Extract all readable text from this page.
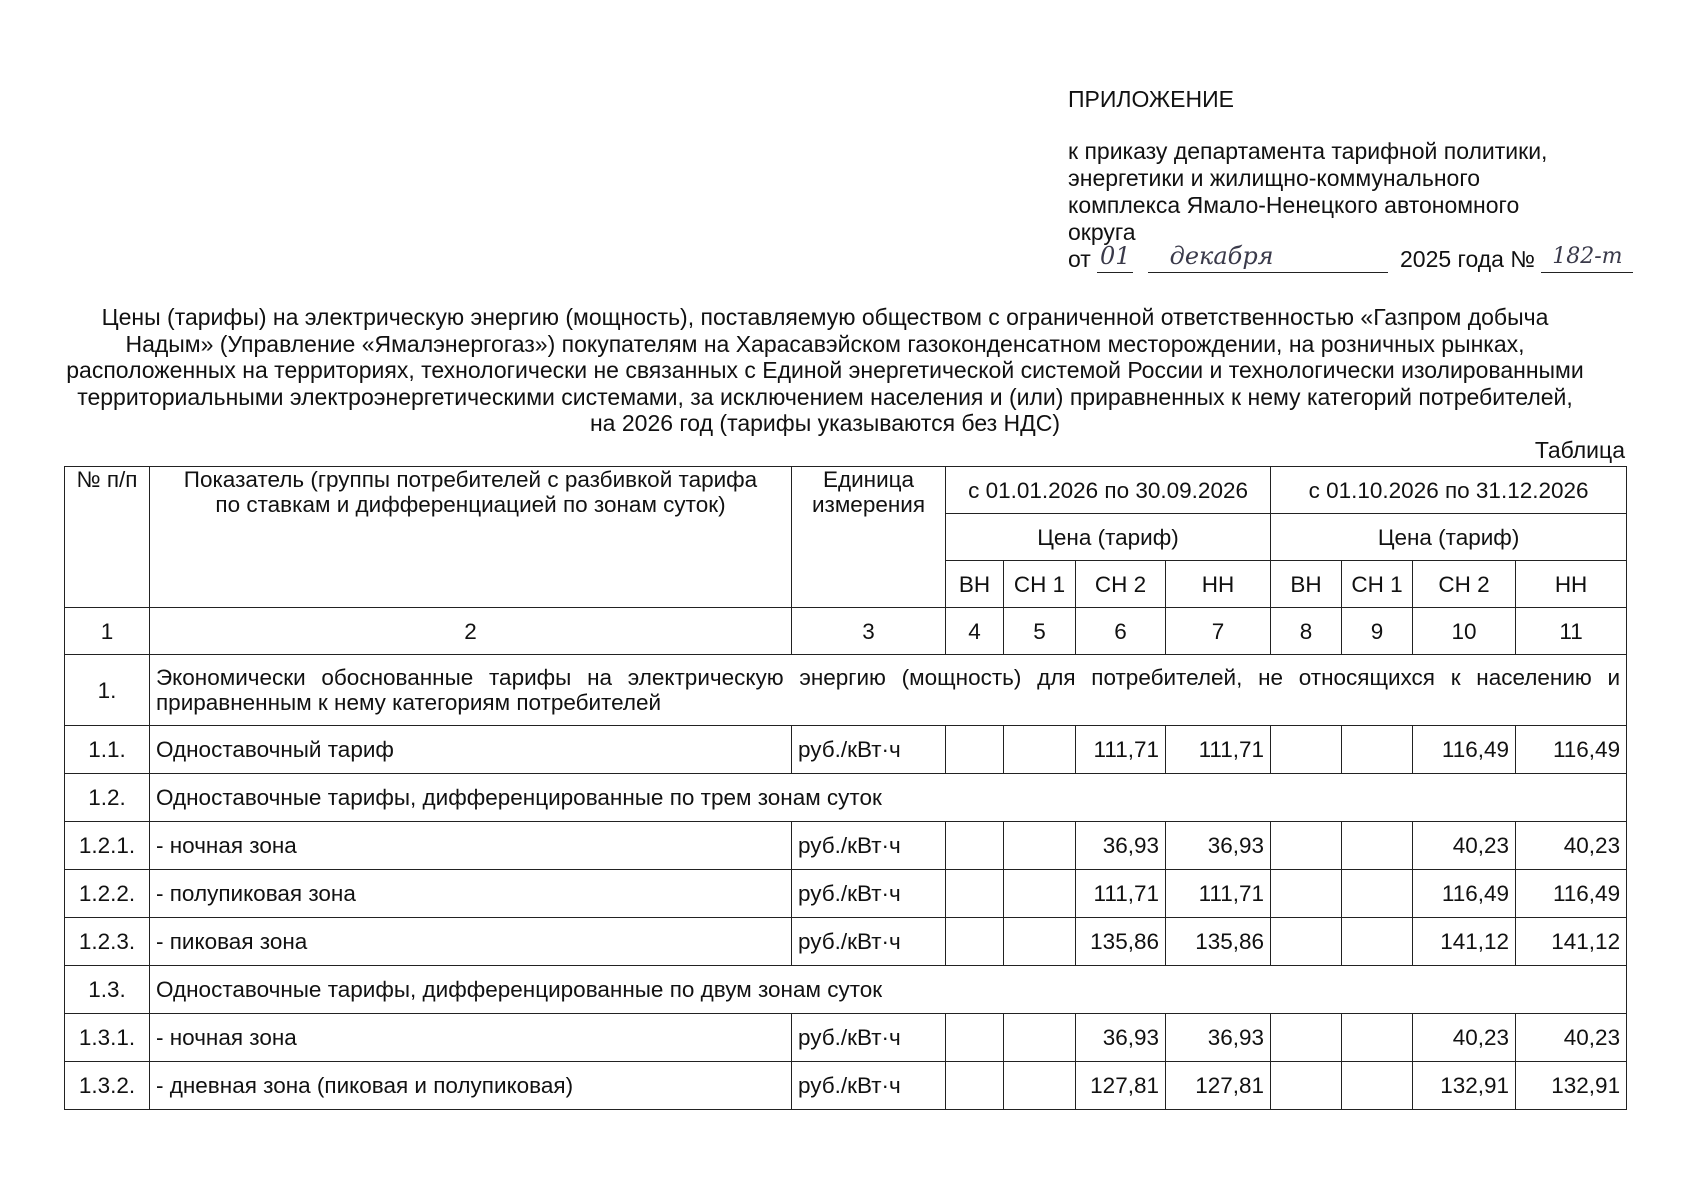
ПРИЛОЖЕНИЕ
к приказу департамента тарифной политики,
энергетики и жилищно-коммунального
комплекса Ямало-Ненецкого автономного
округа
от 01
	декабря	2025 года № 182-т
Цены (тарифы) на электрическую энергию (мощность), поставляемую обществом с ограниченной ответственностью «Газпром добыча Надым» (Управление «Ямалэнергогаз») покупателям на Харасавэйском газоконденсатном месторождении, на розничных рынках, расположенных на территориях, технологически не связанных с Единой энергетической системой России и технологически изолированными территориальными электроэнергетическими системами, за исключением населения и (или) приравненных к нему категорий потребителей, на 2026 год (тарифы указываются без НДС)
Таблица
№ п/п	Показатель (группы потребителей с разбивкой тарифа по ставкам и дифференциацией по зонам суток)	Единица измерения	с 01.01.2026 по 30.09.2026				с 01.10.2026 по 31.12.2026			
			Цена (тариф)				Цена (тариф)			
			ВН	СН 1	СН 2	НН	ВН	СН 1	СН 2	НН
1	2	3	4	5	6	7	8	9	10	11
1.	Экономически обоснованные тарифы на электрическую энергию (мощность) для потребителей, не относящихся к населению и приравненным к нему категориям потребителей									
1.1.	Одноставочный тариф	руб./кВт·ч			111,71	111,71			116,49	116,49
1.2.	Одноставочные тарифы, дифференцированные по трем зонам суток									
1.2.1.	- ночная зона	руб./кВт·ч			36,93	36,93			40,23	40,23
1.2.2.	- полупиковая зона	руб./кВт·ч			111,71	111,71			116,49	116,49
1.2.3.	- пиковая зона	руб./кВт·ч			135,86	135,86			141,12	141,12
1.3.	Одноставочные тарифы, дифференцированные по двум зонам суток									
1.3.1.	- ночная зона	руб./кВт·ч			36,93	36,93			40,23	40,23
1.3.2.	- дневная зона (пиковая и полупиковая)	руб./кВт·ч			127,81	127,81			132,91	132,91
